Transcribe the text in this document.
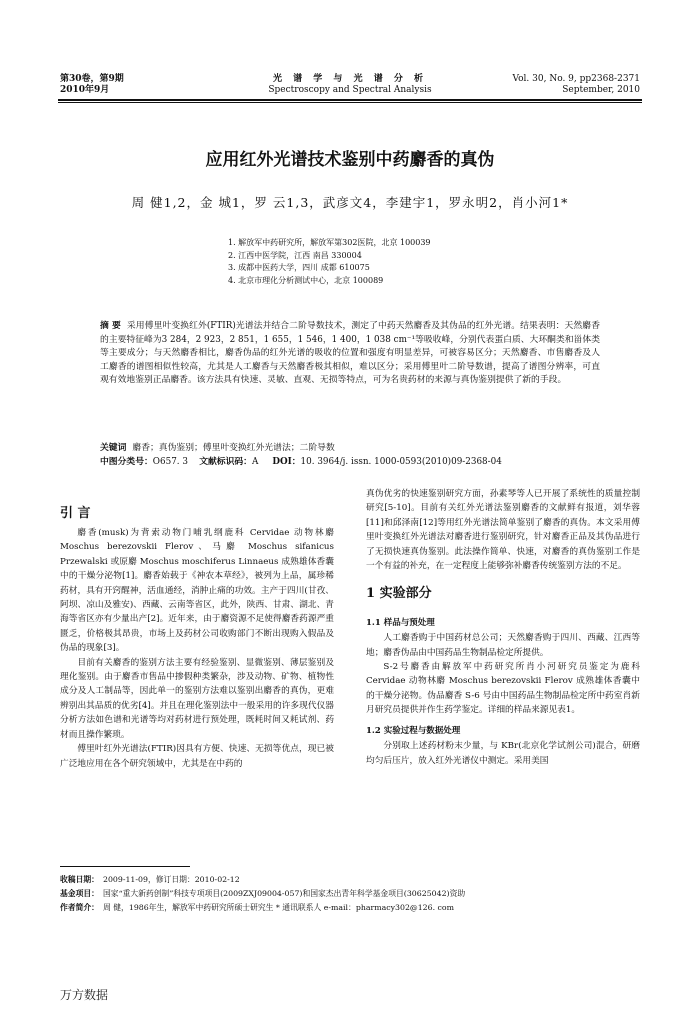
第30卷，第9期
2010年9月
光 谱 学 与 光 谱 分 析
Spectroscopy and Spectral Analysis
Vol. 30, No. 9, pp2368-2371
September, 2010
应用红外光谱技术鉴别中药麝香的真伪
周 健1,2，金 城1，罗 云1,3，武彦文4，李建宇1，罗永明2，肖小河1*
1. 解放军中药研究所，解放军第302医院，北京 100039
2. 江西中医学院，江西 南昌 330004
3. 成都中医药大学，四川 成都 610075
4. 北京市理化分析测试中心，北京 100089
摘 要 采用傅里叶变换红外(FTIR)光谱法并结合二阶导数技术，测定了中药天然麝香及其伪品的红外光谱。结果表明：天然麝香的主要特征峰为3 284，2 923，2 851，1 655，1 546，1 400，1 038 cm⁻¹等吸收峰，分别代表蛋白质、大环酮类和甾体类等主要成分；与天然麝香相比，麝香伪品的红外光谱的吸收的位置和强度有明显差异，可被容易区分；天然麝香、市售麝香及人工麝香的谱图相似性较高，尤其是人工麝香与天然麝香极其相似，难以区分；采用傅里叶二阶导数谱，提高了谱图分辨率，可直观有效地鉴别正品麝香。该方法具有快速、灵敏、直观、无损等特点，可为名贵药材的来源与真伪鉴别提供了新的手段。
关键词 麝香；真伪鉴别；傅里叶变换红外光谱法；二阶导数
中图分类号：O657. 3 文献标识码：A DOI：10. 3964/j. issn. 1000-0593(2010)09-2368-04
引 言

麝香(musk)为背索动物门哺乳纲鹿科 Cervidae 动物林麝 Moschus berezovskii Flerov、马麝 Moschus sifanicus Przewalski 或原麝 Moschus moschiferus Linnaeus 成熟雄体香囊中的干燥分泌物[1]。麝香始载于《神农本草经》，被列为上品，属珍稀药材，具有开窍醒神，活血通经，消肿止痛的功效。主产于四川(甘孜、阿坝、凉山及雅安)、西藏、云南等省区，此外，陕西、甘肃、湖北、青海等省区亦有少量出产[2]。近年来，由于麝资源不足使得麝香药源严重匮乏，价格极其昂贵，市场上及药材公司收购部门不断出现购入假品及伪品的现象[3]。

目前有关麝香的鉴别方法主要有经验鉴别、显微鉴别、薄层鉴别及理化鉴别。由于麝香市售品中掺假种类繁杂，涉及动物、矿物、植物性成分及人工制品等，因此单一的鉴别方法难以鉴别出麝香的真伪，更难辨别出其品质的优劣[4]。并且在理化鉴别法中一般采用的许多现代仪器分析方法如色谱和光谱等均对药材进行预处理，既耗时间又耗试剂、药材而且操作繁琐。

傅里叶红外光谱法(FTIR)因具有方便、快速、无损等优点，现已被广泛地应用在各个研究领域中，尤其是在中药的

真伪优劣的快速鉴别研究方面，孙素琴等人已开展了系统性的质量控制研究[5-10]。目前有关红外光谱法鉴别麝香的文献鲜有报道，刘华蓉[11]和邱泽南[12]等用红外光谱法简单鉴别了麝香的真伪。本文采用傅里叶变换红外光谱法对麝香进行鉴别研究，针对麝香正品及其伪品进行了无损快速真伪鉴别。此法操作简单、快速，对麝香的真伪鉴别工作是一个有益的补充，在一定程度上能够弥补麝香传统鉴别方法的不足。

1 实验部分
1.1 样品与预处理

人工麝香购于中国药材总公司；天然麝香购于四川、西藏、江西等地；麝香伪品由中国药品生物制品检定所提供。

S-2号麝香由解放军中药研究所肖小河研究员鉴定为鹿科 Cervidae 动物林麝 Moschus berezovskii Flerov 成熟雄体香囊中的干燥分泌物。伪品麝香 S-6 号由中国药品生物制品检定所中药室肖新月研究员提供并作生药学鉴定。详细的样品来源见表1。

1.2 实验过程与数据处理

分别取上述药材粉末少量，与 KBr(北京化学试剂公司)混合，研磨均匀后压片，放入红外光谱仪中测定。采用美国

收稿日期： 2009-11-09，修订日期：2010-02-12
基金项目： 国家“重大新药创制”科技专项项目(2009ZXJ09004-057)和国家杰出青年科学基金项目(30625042)资助
作者简介： 周 健，1986年生，解放军中药研究所硕士研究生 * 通讯联系人 e-mail：pharmacy302@126. com
万方数据
